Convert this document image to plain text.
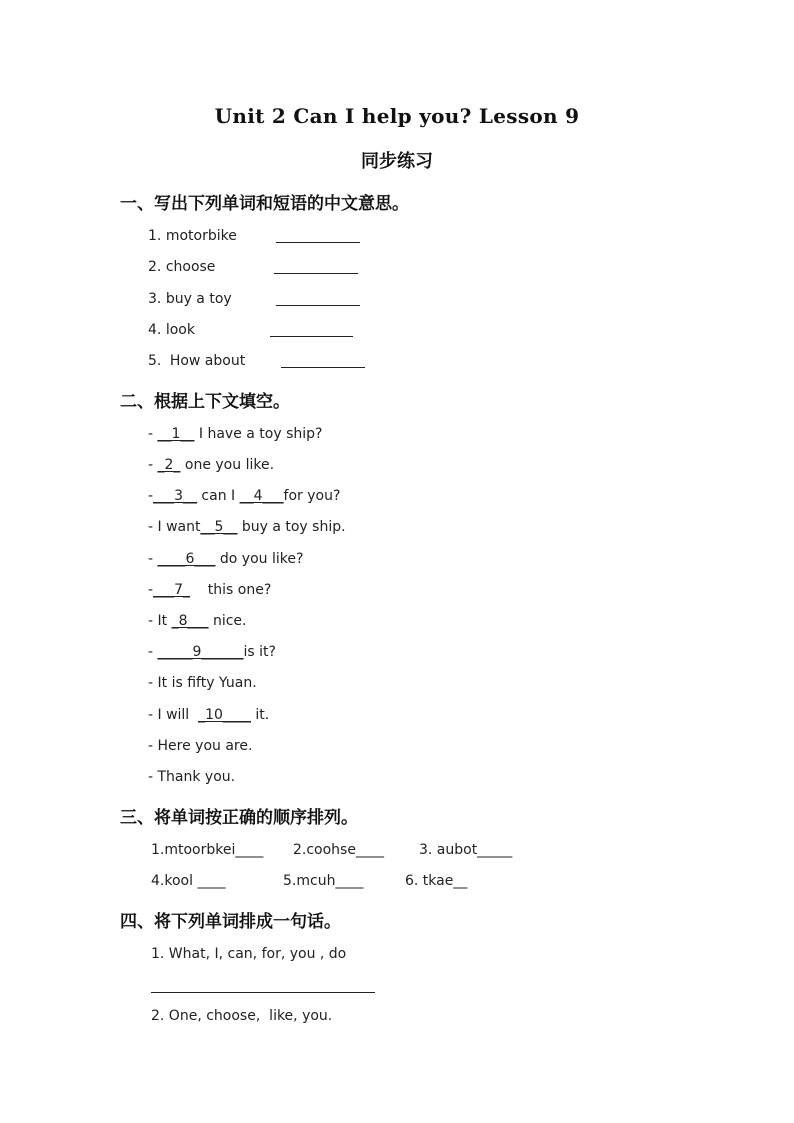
Unit 2 Can I help you? Lesson 9
同步练习
一、写出下列单词和短语的中文意思。
1. motorbike
2. choose
3. buy a toy
4. look
5. How about
二、根据上下文填空。
- __1__ I have a toy ship?
- _2_ one you like.
-___3__ can I __4___for you?
- I want__5__ buy a toy ship.
- ____6___ do you like?
-___7_    this one?
- It _8___ nice.
- _____9______is it?
- It is fifty Yuan.
- I will  _10____ it.
- Here you are.
- Thank you.
三、将单词按正确的顺序排列。
1.mtoorbkei____ 2.coohse____	3. aubot_____
4.kool ____	5.mcuh____	6. tkae__
四、将下列单词排成一句话。
1. What, I, can, for, you , do
2. One, choose,  like, you.
